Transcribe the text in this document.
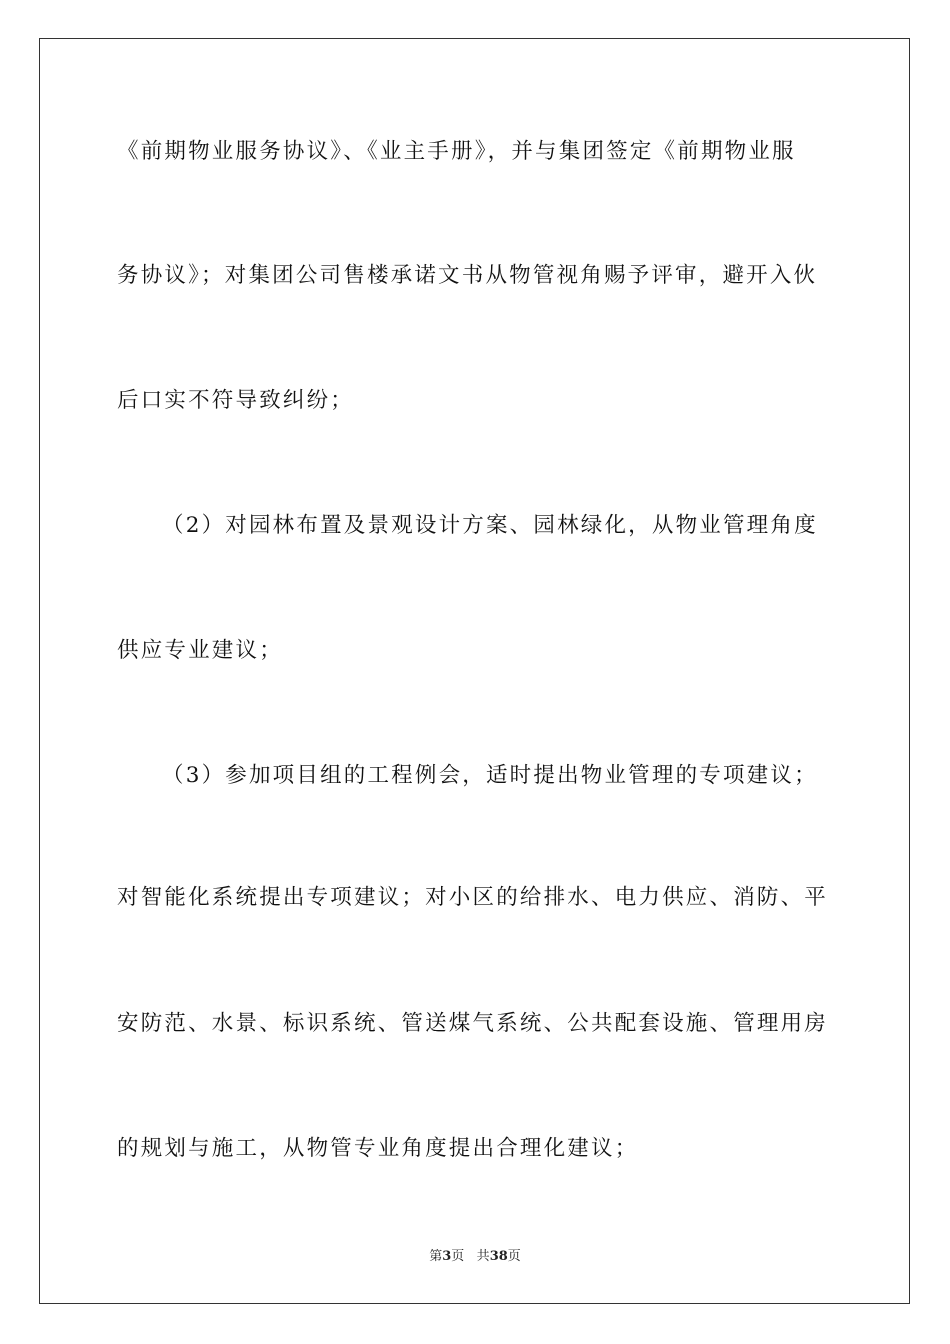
《前期物业服务协议》、《业主手册》，并与集团签定《前期物业服
务协议》；对集团公司售楼承诺文书从物管视角赐予评审，避开入伙
后口实不符导致纠纷；
（2）对园林布置及景观设计方案、园林绿化，从物业管理角度
供应专业建议；
（3）参加项目组的工程例会，适时提出物业管理的专项建议；
对智能化系统提出专项建议；对小区的给排水、电力供应、消防、平
安防范、水景、标识系统、管送煤气系统、公共配套设施、管理用房
的规划与施工，从物管专业角度提出合理化建议；
第3页 共38页
